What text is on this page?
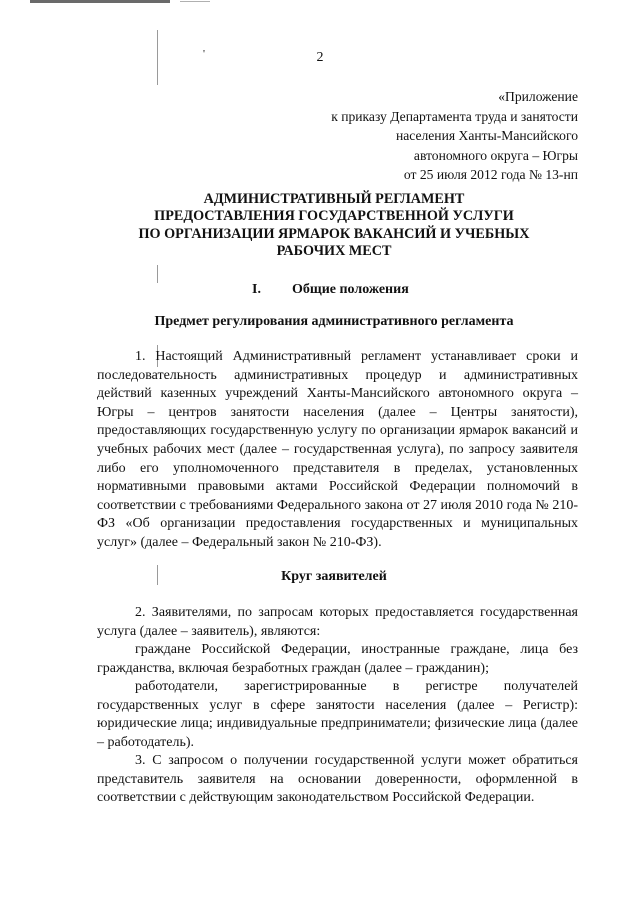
'	2
«Приложение
к приказу Департамента труда и занятости
населения Ханты-Мансийского
автономного округа – Югры
от 25 июля 2012 года № 13-нп
АДМИНИСТРАТИВНЫЙ РЕГЛАМЕНТ
ПРЕДОСТАВЛЕНИЯ ГОСУДАРСТВЕННОЙ УСЛУГИ
ПО ОРГАНИЗАЦИИ ЯРМАРОК ВАКАНСИЙ И УЧЕБНЫХ
РАБОЧИХ МЕСТ
I. Общие положения
Предмет регулирования административного регламента
1. Настоящий Административный регламент устанавливает сроки и последовательность административных процедур и административных действий казенных учреждений Ханты-Мансийского автономного округа – Югры – центров занятости населения (далее – Центры занятости), предоставляющих государственную услугу по организации ярмарок вакансий и учебных рабочих мест (далее – государственная услуга), по запросу заявителя либо его уполномоченного представителя в пределах, установленных нормативными правовыми актами Российской Федерации полномочий в соответствии с требованиями Федерального закона от 27 июля 2010 года № 210-ФЗ «Об организации предоставления государственных и муниципальных услуг» (далее – Федеральный закон № 210-ФЗ).
Круг заявителей
2. Заявителями, по запросам которых предоставляется государственная услуга (далее – заявитель), являются:
граждане Российской Федерации, иностранные граждане, лица без гражданства, включая безработных граждан (далее – гражданин);
работодатели, зарегистрированные в регистре получателей государственных услуг в сфере занятости населения (далее – Регистр): юридические лица; индивидуальные предприниматели; физические лица (далее – работодатель).
3. С запросом о получении государственной услуги может обратиться представитель заявителя на основании доверенности, оформленной в соответствии с действующим законодательством Российской Федерации.
